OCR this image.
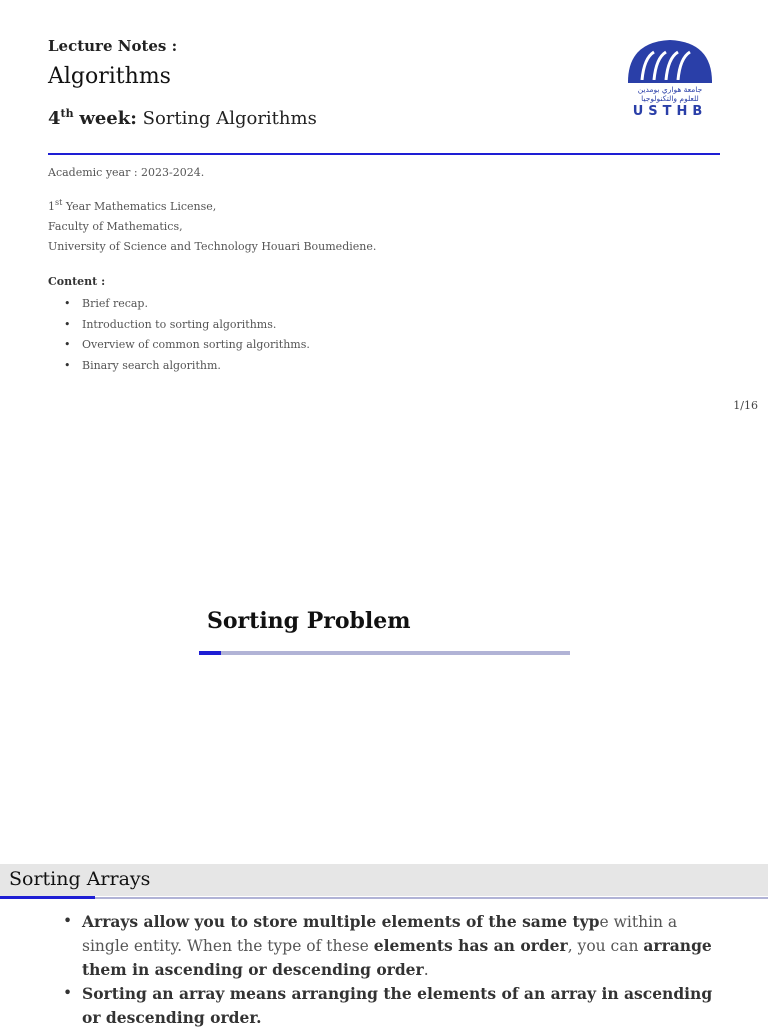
Lecture Notes :
Algorithms
4th week: Sorting Algorithms
جامعة هواري بومدين
للعلوم والتكنولوجيا
USTHB
Academic year : 2023-2024.
1st Year Mathematics License,
Faculty of Mathematics,
University of Science and Technology Houari Boumediene.
Content :
• Brief recap.
• Introduction to sorting algorithms.
• Overview of common sorting algorithms.
• Binary search algorithm.
1/16
Sorting Problem
Sorting Arrays
• Arrays allow you to store multiple elements of the same type within a single entity. When the type of these elements has an order, you can arrange them in ascending or descending order.
• Sorting an array means arranging the elements of an array in ascending or descending order.
